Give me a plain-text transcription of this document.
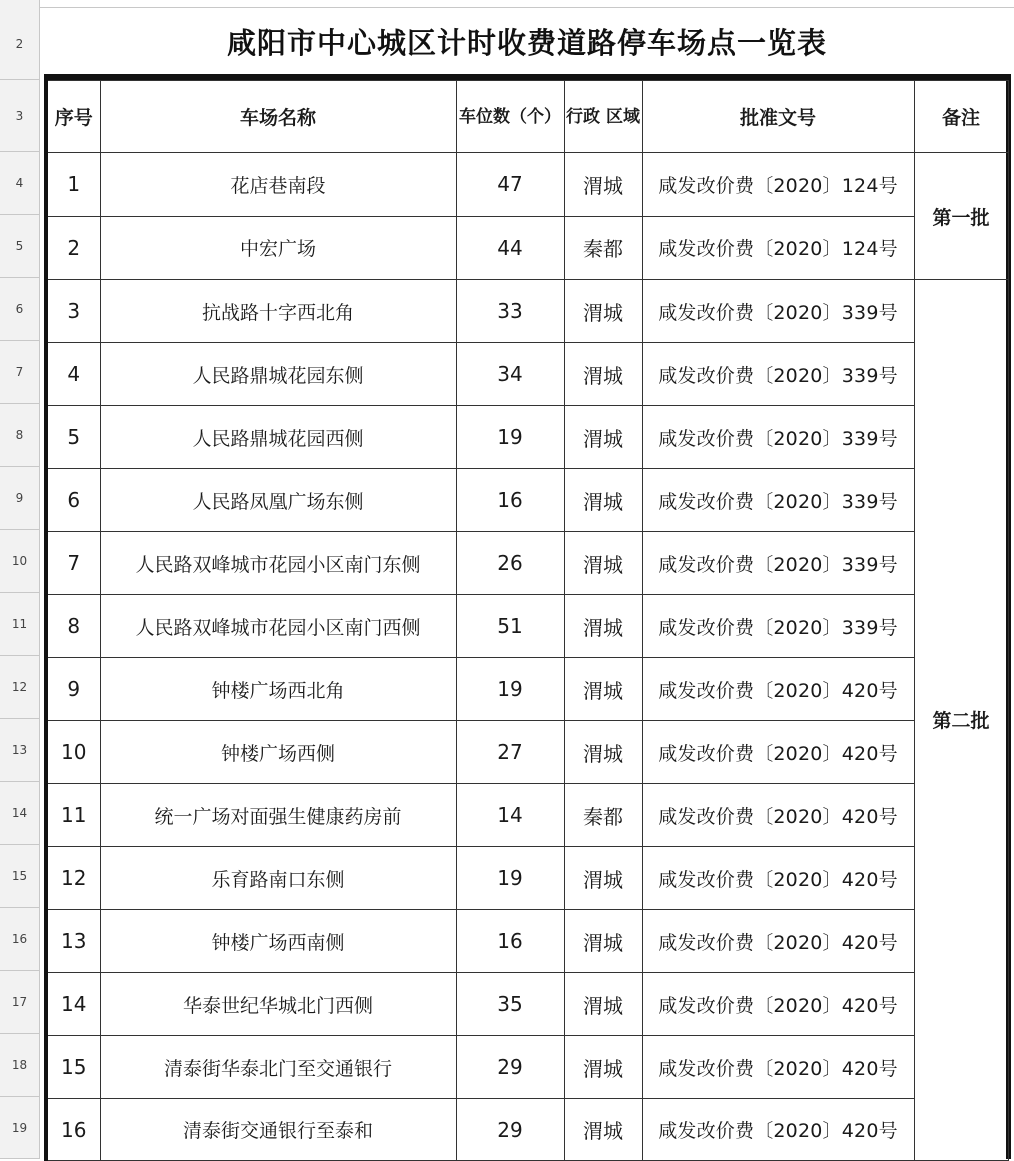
2
3
4
5
6
7
8
9
10
11
12
13
14
15
16
17
18
19
咸阳市中心城区计时收费道路停车场点一览表
序号	车场名称	车位数（个）	行政 区域	批准文号	备注
1	花店巷南段	47	渭城	咸发改价费〔2020〕124号	第一批

2	中宏广场	44	秦都	咸发改价费〔2020〕124号	
3	抗战路十字西北角	33	渭城	咸发改价费〔2020〕339号	第二批

4	人民路鼎城花园东侧	34	渭城	咸发改价费〔2020〕339号	
5	人民路鼎城花园西侧	19	渭城	咸发改价费〔2020〕339号	
6	人民路凤凰广场东侧	16	渭城	咸发改价费〔2020〕339号	
7	人民路双峰城市花园小区南门东侧	26	渭城	咸发改价费〔2020〕339号	
8	人民路双峰城市花园小区南门西侧	51	渭城	咸发改价费〔2020〕339号	
9	钟楼广场西北角	19	渭城	咸发改价费〔2020〕420号	
10	钟楼广场西侧	27	渭城	咸发改价费〔2020〕420号	
11	统一广场对面强生健康药房前	14	秦都	咸发改价费〔2020〕420号	
12	乐育路南口东侧	19	渭城	咸发改价费〔2020〕420号	
13	钟楼广场西南侧	16	渭城	咸发改价费〔2020〕420号	
14	华泰世纪华城北门西侧	35	渭城	咸发改价费〔2020〕420号	
15	清泰街华泰北门至交通银行	29	渭城	咸发改价费〔2020〕420号	
16	清泰街交通银行至泰和	29	渭城	咸发改价费〔2020〕420号	
